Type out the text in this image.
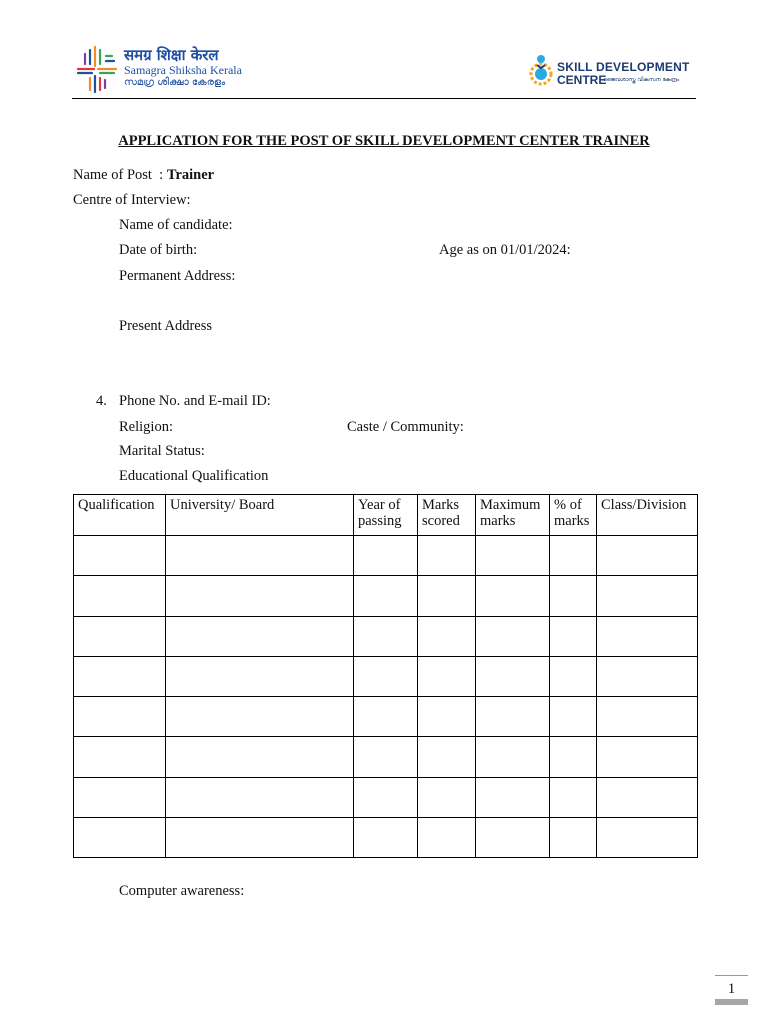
समग्र शिक्षा केरल
Samagra Shiksha Kerala
സമഗ്ര ശിക്ഷാ കേരളം
SKILL DEVELOPMENT
CENTRE
ജൈവശാസ്ത്ര വികസന കേന്ദ്രം
APPLICATION FOR THE POST OF SKILL DEVELOPMENT CENTER TRAINER
Name of Post  : Trainer
Centre of Interview:
Name of candidate:
Date of birth:	Age as on 01/01/2024:
Permanent Address:
Present Address
4. Phone No. and E-mail ID:
Religion:	Caste / Community:
Marital Status:
Educational Qualification
Qualification	University/ Board	Year of passing	Marks scored	Maximum marks	% of marks	Class/Division

Computer awareness:
1
